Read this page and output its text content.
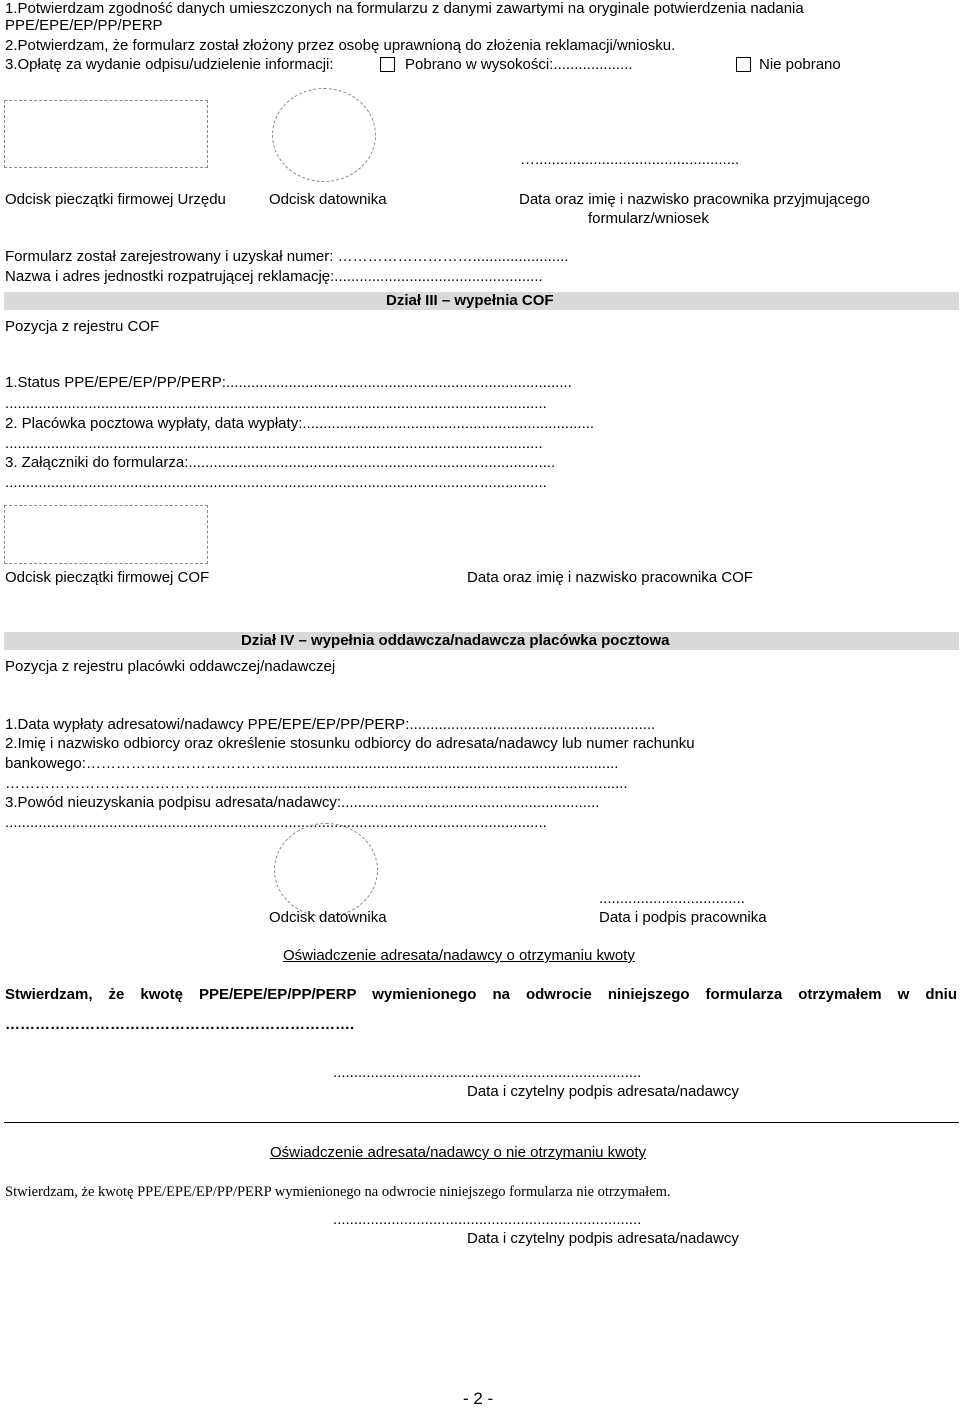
1.Potwierdzam zgodność danych umieszczonych na formularzu z danymi zawartymi na oryginale potwierdzenia nadania
PPE/EPE/EP/PP/PERP
2.Potwierdzam, że formularz został złożony przez osobę uprawnioną do złożenia reklamacji/wniosku.
3.Opłatę za wydanie odpisu/udzielenie informacji:	Pobrano w wysokości:...................	Nie pobrano
….................................................
Odcisk pieczątki firmowej Urzędu	Odcisk datownika	Data oraz imię i nazwisko pracownika przyjmującego
formularz/wniosek
Formularz został zarejestrowany i uzyskał numer: ……………………….......................
Nazwa i adres jednostki rozpatrującej reklamację:..................................................
Dział III – wypełnia COF
Pozycja z rejestru COF
1.Status PPE/EPE/EP/PP/PERP:...................................................................................
..................................................................................................................................
2. Placówka pocztowa wypłaty, data wypłaty:......................................................................
.................................................................................................................................
3. Załączniki do formularza:........................................................................................
..................................................................................................................................
Odcisk pieczątki firmowej COF	Data oraz imię i nazwisko pracownika COF
Dział IV – wypełnia oddawcza/nadawcza placówka pocztowa
Pozycja z rejestru placówki oddawczej/nadawczej
1.Data wypłaty adresatowi/nadawcy PPE/EPE/EP/PP/PERP:...........................................................
2.Imię i nazwisko odbiorcy oraz określenie stosunku odbiorcy do adresata/nadawcy lub numer rachunku
bankowego:………………………………….................................................................................
……………………………………...................................................................................................
3.Powód nieuzyskania podpisu adresata/nadawcy:..............................................................
..................................................................................................................................
...................................
Odcisk datownika	Data i podpis pracownika
Oświadczenie adresata/nadawcy o otrzymaniu kwoty
Stwierdzam, że kwotę PPE/EPE/EP/PP/PERP wymienionego na odwrocie niniejszego formularza otrzymałem w dniu
…………………………………………………………….
..........................................................................
Data i czytelny podpis adresata/nadawcy
Oświadczenie adresata/nadawcy o nie otrzymaniu kwoty
Stwierdzam, że kwotę PPE/EPE/EP/PP/PERP wymienionego na odwrocie niniejszego formularza nie otrzymałem.
..........................................................................
Data i czytelny podpis adresata/nadawcy
- 2 -
